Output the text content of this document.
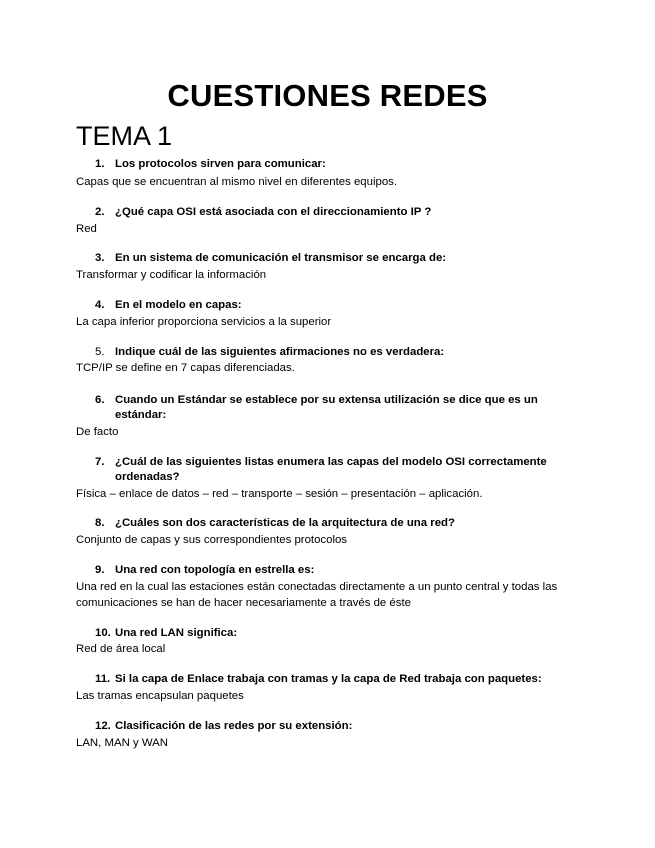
CUESTIONES REDES
TEMA 1
1. Los protocolos sirven para comunicar:
Capas que se encuentran al mismo nivel en diferentes equipos.
2. ¿Qué capa OSI está asociada con el direccionamiento IP ?
Red
3. En un sistema de comunicación el transmisor se encarga de:
Transformar y codificar la información
4. En el modelo en capas:
La capa inferior proporciona servicios a la superior
5. Indique cuál de las siguientes afirmaciones no es verdadera:
TCP/IP se define en 7 capas diferenciadas.
6. Cuando un Estándar se establece por su extensa utilización se dice que es un estándar:
De facto
7. ¿Cuál de las siguientes listas enumera las capas del modelo OSI correctamente ordenadas?
Física – enlace de datos – red – transporte – sesión – presentación – aplicación.
8. ¿Cuáles son dos características de la arquitectura de una red?
Conjunto de capas y sus correspondientes protocolos
9. Una red con topología en estrella es:
Una red en la cual las estaciones están conectadas directamente a un punto central y todas las comunicaciones se han de hacer necesariamente a través de éste
10. Una red LAN significa:
Red de área local
11. Si la capa de Enlace trabaja con tramas y la capa de Red trabaja con paquetes:
Las tramas encapsulan paquetes
12. Clasificación de las redes por su extensión:
LAN, MAN y WAN
